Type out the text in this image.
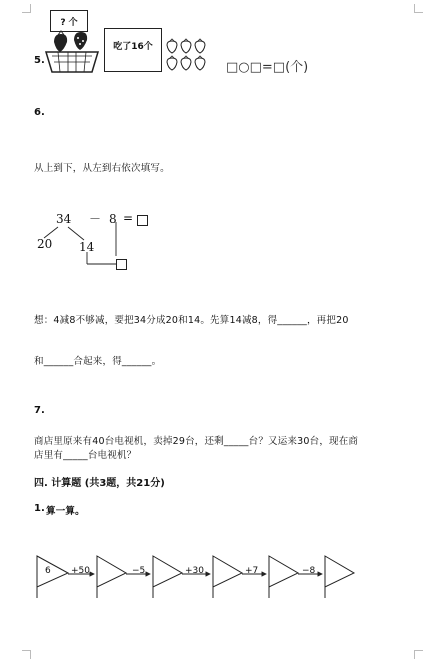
5.
? 个
吃了16个
□○□=□(个)
6.
从上到下，从左到右依次填写。
34 － 8 =
20 14
想：4减8不够减，要把34分成20和14。先算14减8，得______，再把20
和______合起来，得______。
7.
商店里原来有40台电视机，卖掉29台，还剩_____台？又运来30台，现在商
店里有_____台电视机？
四. 计算题 (共3题，共21分)
1. 算一算。
6 +50	−5	+30	+7	−8
